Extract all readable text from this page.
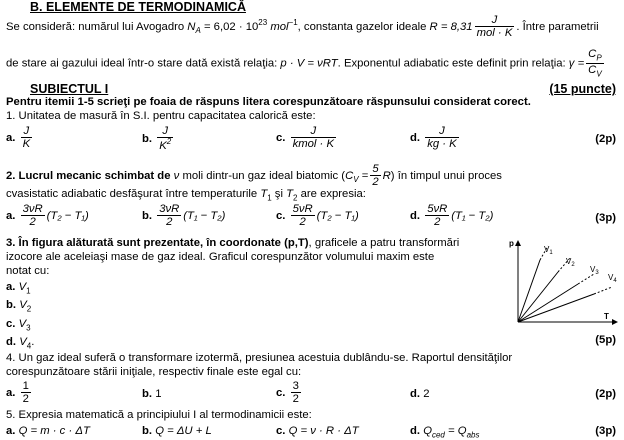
B. ELEMENTE DE TERMODINAMICĂ
Se consideră: numărul lui Avogadro $N_A = 6,02 \cdot 10^{23}$ mol$^{-1}$, constanta gazelor ideale $R = 8,31 \frac{J}{\text{mol · K}}$ . Între parametrii
de stare ai gazului ideal într-o stare dată există relaţia: p · V = νRT. Exponentul adiabatic este definit prin relaţia: $\gamma = \frac{C_P}{C_V}$
SUBIECTUL I	(15 puncte)
Pentru itemii 1-5 scrieţi pe foaia de răspuns litera corespunzătoare răspunsului considerat corect.
1. Unitatea de masură în S.I. pentru capacitatea calorică este:
a. $\frac{J}{K}$	b. $\frac{J}{K^2}$	c. $\frac{J}{\text{kmol · K}}$	d. $\frac{J}{kg \cdot K}$	(2p)
2. Lucrul mecanic schimbat de ν moli dintr-un gaz ideal biatomic $(C_V = \frac{5}{2} R)$ în timpul unui proces
cvasistatic adiabatic desfăşurat între temperaturile $T_1$ şi $T_2$ are expresia:
a. $\frac{3\nu R}{2} (T_2 - T_1)$	b. $\frac{3\nu R}{2} (T_1 - T_2)$	c. $\frac{5\nu R}{2} (T_2 - T_1)$	d. $\frac{5\nu R}{2} (T_1 - T_2)$	(3p)
3. În figura alăturată sunt prezentate, în coordonate (p,T), graficele a patru transformări
izocore ale aceleiaşi mase de gaz ideal. Graficul corespunzător volumului maxim este
notat cu:
a. $V_1$
b. $V_2$
c. $V_3$
d. $V_4$.	(5p)
p
T
$V_1$
$V_2$ $V_3$ $V_4$
4. Un gaz ideal suferă o transformare izotermă, presiunea acestuia dublându-se. Raportul densităţilor
corespunzătoare stării iniţiale, respectiv finale este egal cu:
a. $\frac{1}{2}$	b. 1	c. $\frac{3}{2}$	d. 2	(2p)
5. Expresia matematică a principiului I al termodinamicii este:
a. Q = m · c · ΔT	b. Q = ΔU + L	c. Q = ν · R · ΔT	d. $Q_{ced} = Q_{abs}$	(3p)
